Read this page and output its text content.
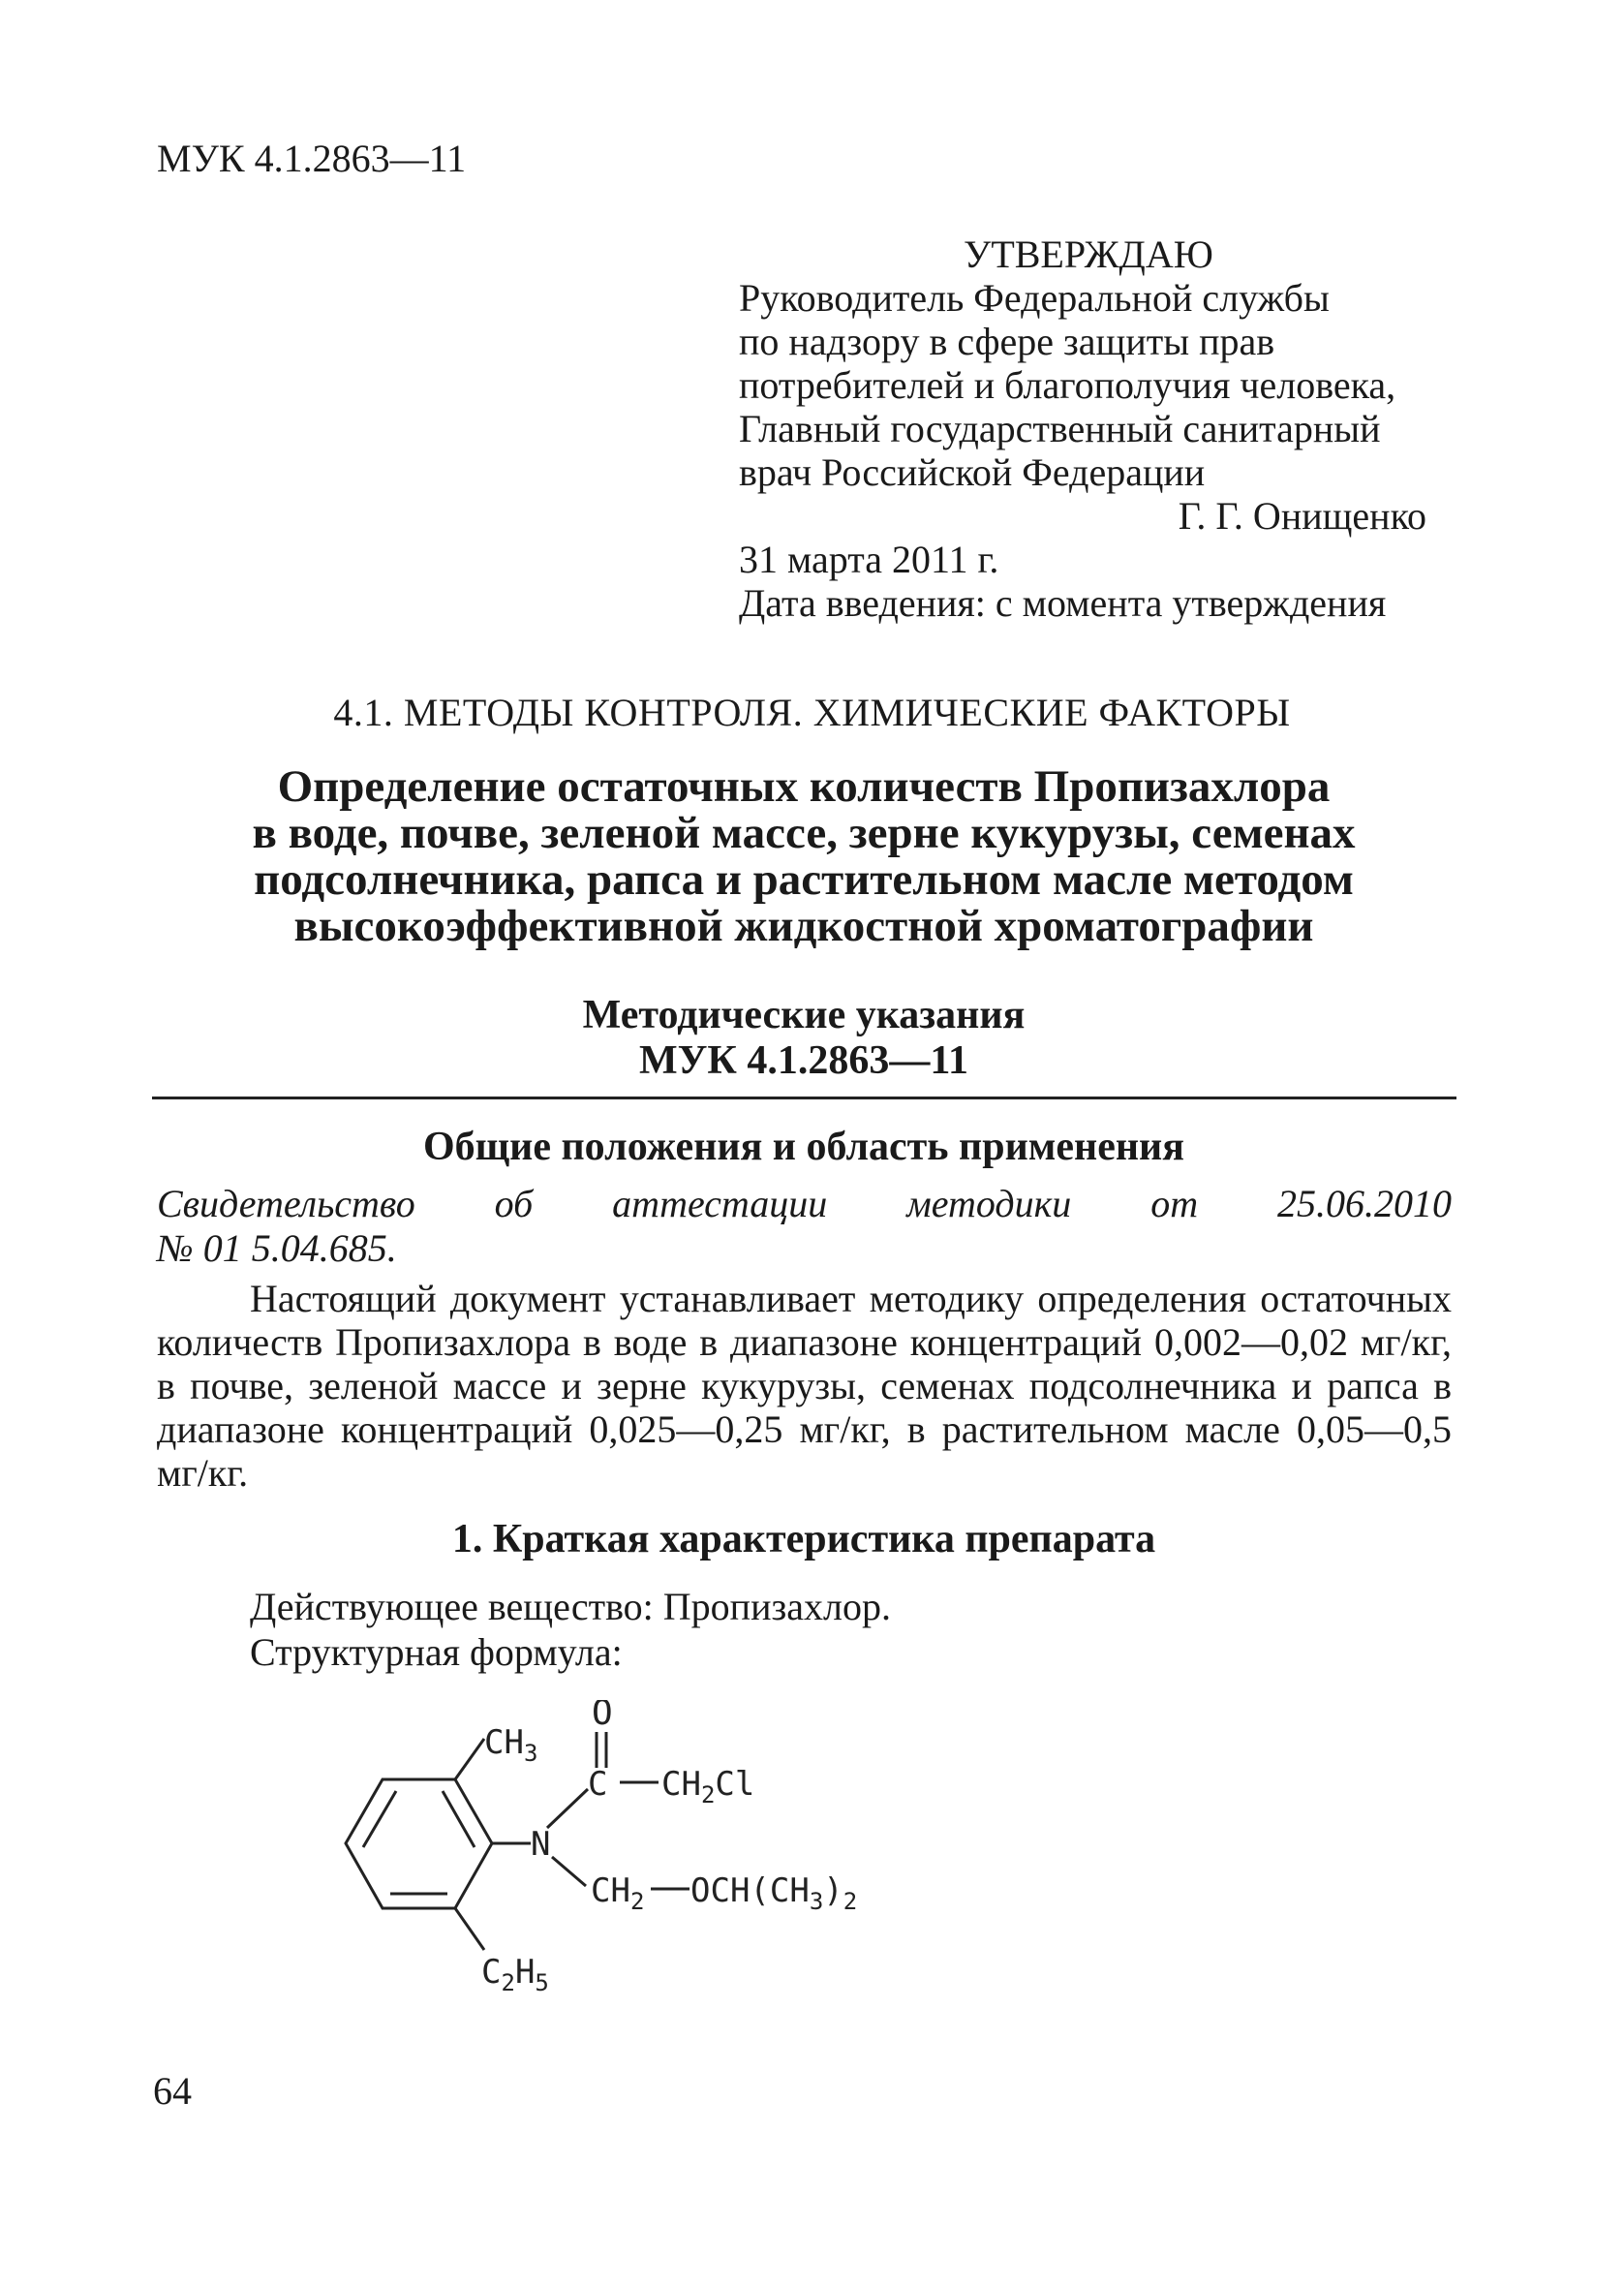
МУК 4.1.2863—11
УТВЕРЖДАЮ
Руководитель Федеральной службы
по надзору в сфере защиты прав
потребителей и благополучия человека,
Главный государственный санитарный
врач Российской Федерации
Г. Г. Онищенко
31 марта 2011 г.
Дата введения: с момента утверждения
4.1. МЕТОДЫ КОНТРОЛЯ. ХИМИЧЕСКИЕ ФАКТОРЫ
Определение остаточных количеств Пропизахлора
в воде, почве, зеленой массе, зерне кукурузы, семенах
подсолнечника, рапса и растительном масле методом
высокоэффективной жидкостной хроматографии
Методические указания
МУК 4.1.2863—11
Общие положения и область применения
Свидетельство об аттестации методики от 25.06.2010
№ 01 5.04.685.
Настоящий документ устанавливает методику определения остаточных количеств Пропизахлора в воде в диапазоне концентраций 0,002—0,02 мг/кг, в почве, зеленой массе и зерне кукурузы, семенах подсолнечника и рапса в диапазоне концентраций 0,025—0,25 мг/кг, в растительном масле 0,05—0,5 мг/кг.
1. Краткая характеристика препарата
Действующее вещество: Пропизахлор.
Структурная формула:
O
$CH_3$
C $CH_2Cl$
N
$CH_2$ $OCH(CH_3)_2$
$C_2H_5$
64
